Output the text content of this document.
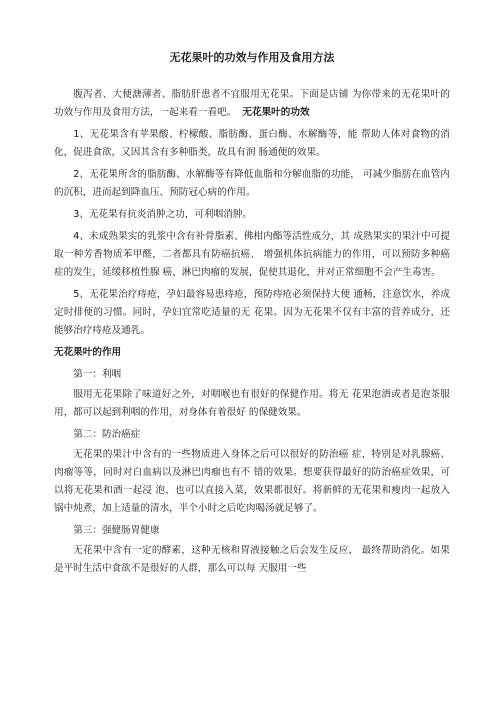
无花果叶的功效与作用及食用方法

腹泻者、大便溏薄者、脂肪肝患者不宜服用无花果。下面是店铺 为你带来的无花果叶的功效与作用及食用方法，一起来看一看吧。 无花果叶的功效

1、无花果含有苹果酸、柠檬酸、脂肪酶、蛋白酶、水解酶等，能 帮助人体对食物的消化，促进食欲，又因其含有多种脂类，故具有润 肠通便的效果。

2、无花果所含的脂肪酶、水解酶等有降低血脂和分解血脂的功能， 可减少脂肪在血管内的沉积，进而起到降血压、预防冠心病的作用。

3、无花果有抗炎消肿之功，可利咽消肿。

4、未成熟果实的乳浆中含有补骨脂素、佛柑内酯等活性成分，其 成熟果实的果汁中可提取一种芳香物质苯甲醛，二者都具有防癌抗癌、 增强机体抗病能力的作用，可以预防多种癌症的发生，延缓移植性腺 癌、淋巴肉瘤的发展，促使其退化，并对正常细胞不会产生毒害。

5、无花果治疗痔疮，孕妇最容易患痔疮，预防痔疮必须保持大便 通畅，注意饮水，养成定时排便的习惯。同时，孕妇宜常吃适量的无 花果。因为无花果不仅有丰富的营养成分，还能够治疗痔疮及通乳。

无花果叶的作用

第一：利咽

服用无花果除了味道好之外，对咽喉也有很好的保健作用。将无 花果泡酒或者是泡茶服用，都可以起到利咽的作用，对身体有着很好 的保健效果。

第二：防治癌症

无花果的果汁中含有的一些物质进入身体之后可以很好的防治癌 症，特别是对乳腺癌、肉瘤等等，同时对白血病以及淋巴肉瘤也有不 错的效果。想要获得最好的防治癌症效果，可以将无花果和酒一起浸 泡，也可以直接入菜，效果都很好。将新鲜的无花果和瘦肉一起放入 锅中炖煮，加上适量的清水，半个小时之后吃肉喝汤就足够了。

第三：强健肠胃健康

无花果中含有一定的酵素，这种无核和胃液接触之后会发生反应， 最终帮助消化。如果是平时生活中食欲不是很好的人群，那么可以每 天服用一些
